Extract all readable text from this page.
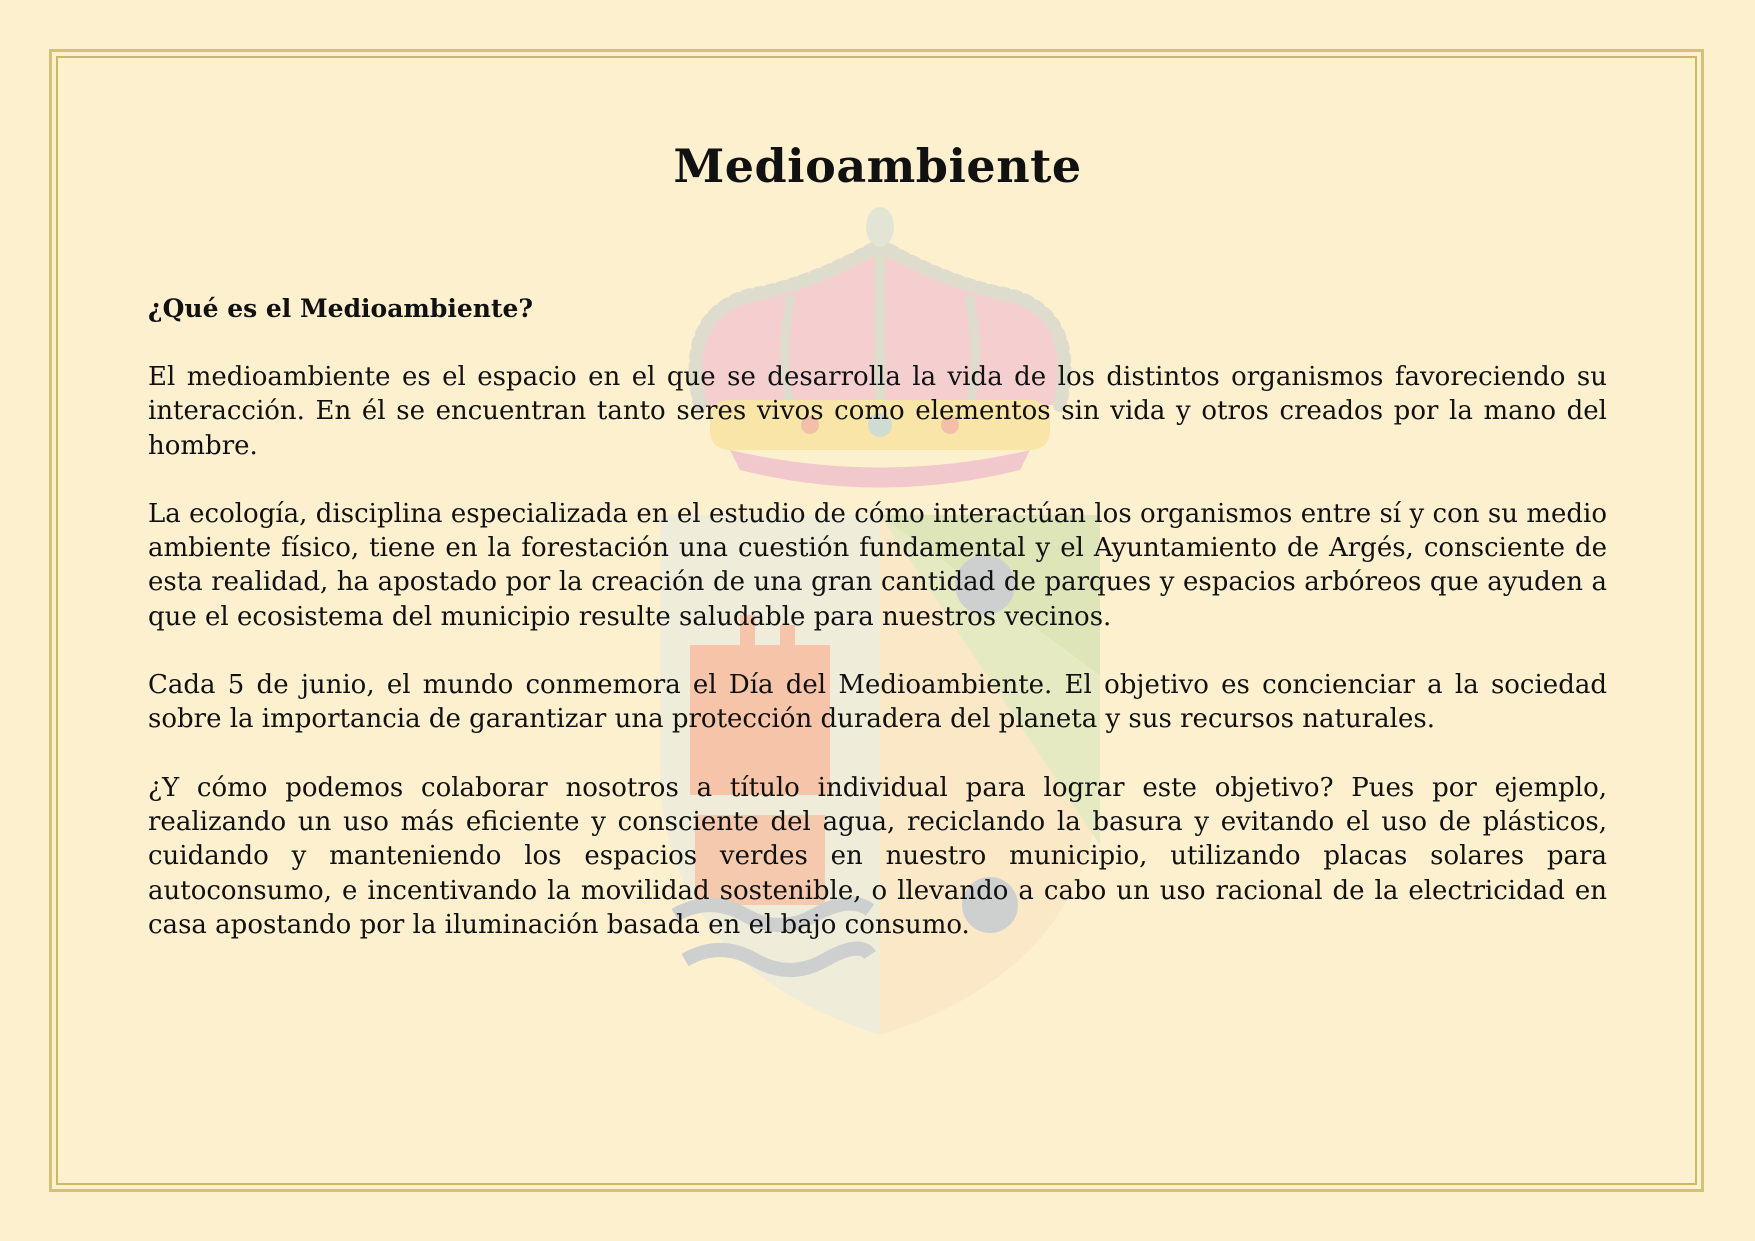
Medioambiente
¿Qué es el Medioambiente?

El medioambiente es el espacio en el que se desarrolla la vida de los distintos organismos favoreciendo su interacción. En él se encuentran tanto seres vivos como elementos sin vida y otros creados por la mano del hombre.

La ecología, disciplina especializada en el estudio de cómo interactúan los organismos entre sí y con su medio ambiente físico, tiene en la forestación una cuestión fundamental y el Ayuntamiento de Argés, consciente de esta realidad, ha apostado por la creación de una gran cantidad de parques y espacios arbóreos que ayuden a que el ecosistema del municipio resulte saludable para nuestros vecinos.

Cada 5 de junio, el mundo conmemora el Día del Medioambiente. El objetivo es concienciar a la sociedad sobre la importancia de garantizar una protección duradera del planeta y sus recursos naturales.

¿Y cómo podemos colaborar nosotros a título individual para lograr este objetivo? Pues por ejemplo, realizando un uso más eficiente y consciente del agua, reciclando la basura y evitando el uso de plásticos, cuidando y manteniendo los espacios verdes en nuestro municipio, utilizando placas solares para autoconsumo, e incentivando la movilidad sostenible, o llevando a cabo un uso racional de la electricidad en casa apostando por la iluminación basada en el bajo consumo.
